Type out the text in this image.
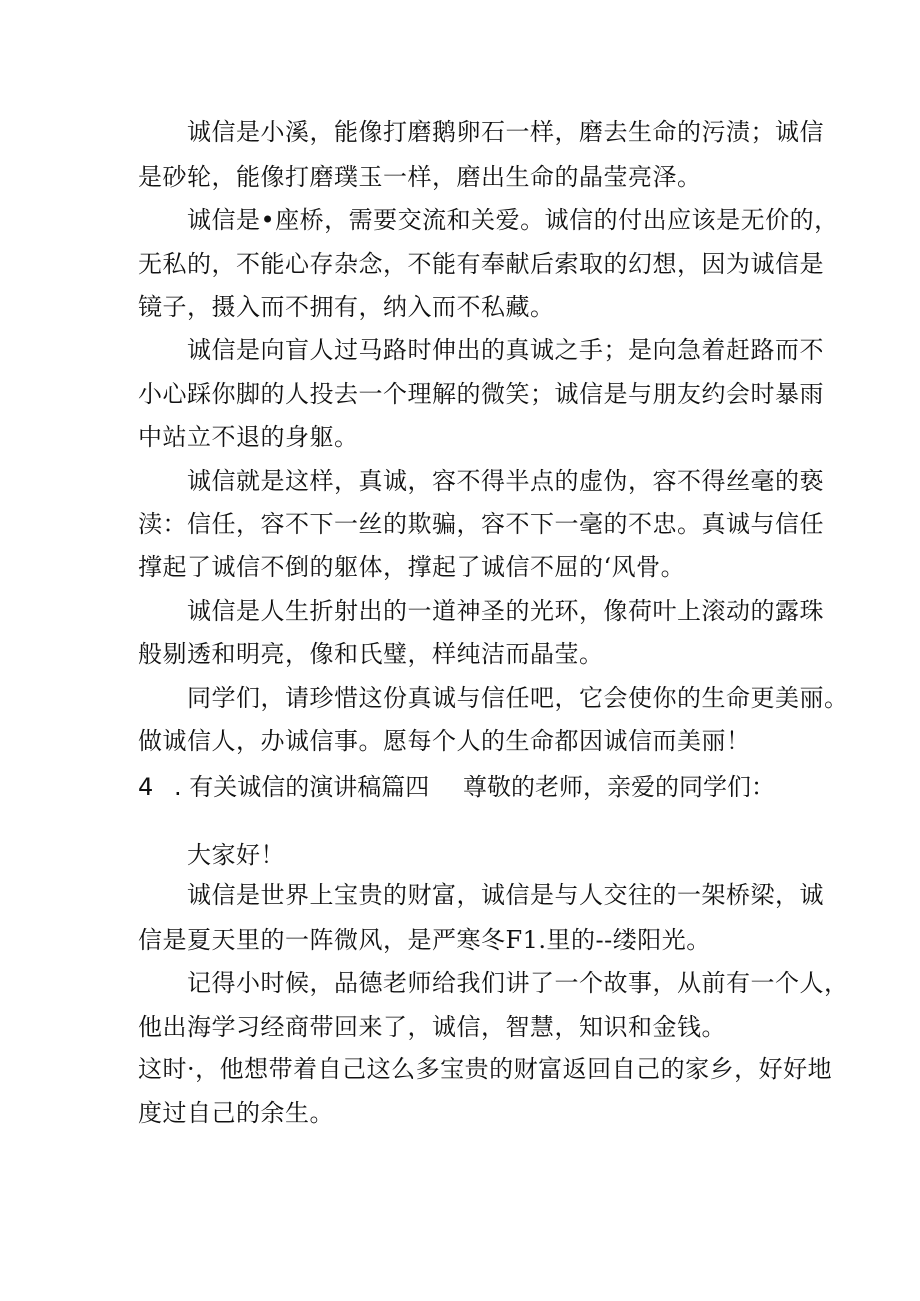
诚信是小溪，能像打磨鹅卵石一样，磨去生命的污渍；诚信
是砂轮，能像打磨璞玉一样，磨出生命的晶莹亮泽。
诚信是•座桥，需要交流和关爱。诚信的付出应该是无价的，
无私的，不能心存杂念，不能有奉献后索取的幻想，因为诚信是
镜子，摄入而不拥有，纳入而不私藏。
诚信是向盲人过马路时伸出的真诚之手；是向急着赶路而不
小心踩你脚的人投去一个理解的微笑；诚信是与朋友约会时暴雨
中站立不退的身躯。
诚信就是这样，真诚，容不得半点的虚伪，容不得丝毫的亵
渎：信任，容不下一丝的欺骗，容不下一毫的不忠。真诚与信任
撑起了诚信不倒的躯体，撑起了诚信不屈的‘风骨。
诚信是人生折射出的一道神圣的光环，像荷叶上滚动的露珠
般剔透和明亮，像和氏璧，样纯洁而晶莹。
同学们，请珍惜这份真诚与信任吧，它会使你的生命更美丽。
做诚信人，办诚信事。愿每个人的生命都因诚信而美丽！
4 . 有关诚信的演讲稿篇四 尊敬的老师，亲爱的同学们：
大家好！
诚信是世界上宝贵的财富，诚信是与人交往的一架桥梁，诚
信是夏天里的一阵微风，是严寒冬F1.里的--缕阳光。
记得小时候，品德老师给我们讲了一个故事，从前有一个人，
他出海学习经商带回来了，诚信，智慧，知识和金钱。
这时·，他想带着自己这么多宝贵的财富返回自己的家乡，好好地
度过自己的余生。
